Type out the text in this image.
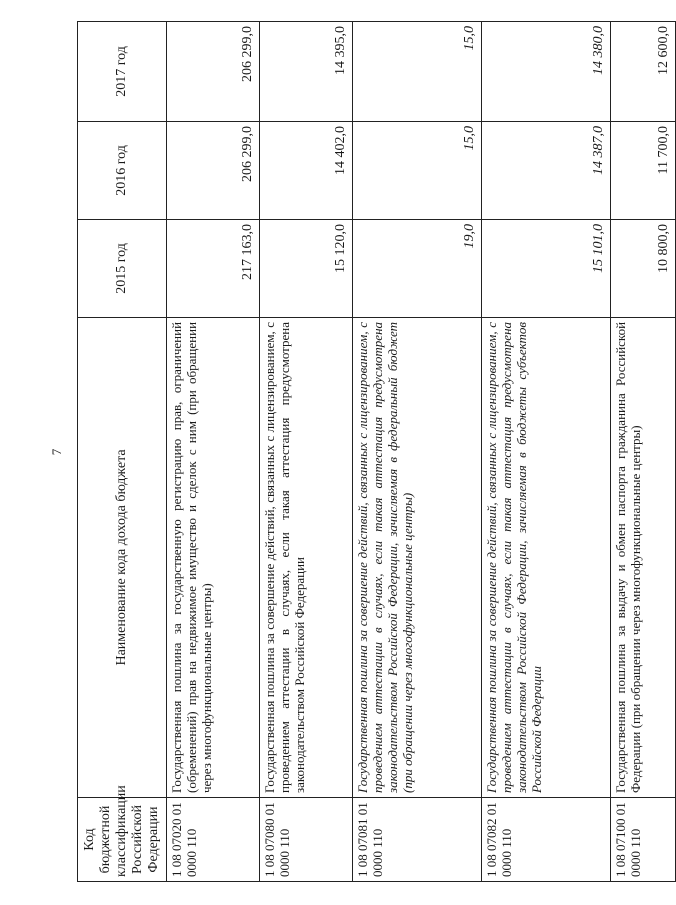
7
Код бюджетной классификации Российской Федерации	Наименование кода дохода бюджета	2015 год	2016 год	2017 год
1 08 07020 01 0000 110	Государственная пошлина за государственную регистрацию прав, ограничений (обременений) прав на недвижимое имущество и сделок с ним (при обращении через многофункциональные центры)	217 163,0	206 299,0	206 299,0
1 08 07080 01 0000 110	Государственная пошлина за совершение действий, связанных с лицензированием, с проведением аттестации в случаях, если такая аттестация предусмотрена законодательством Российской Федерации	15 120,0	14 402,0	14 395,0
1 08 07081 01 0000 110	Государственная пошлина за совершение действий, связанных с лицензированием, с проведением аттестации в случаях, если такая аттестация предусмотрена законодательством Российской Федерации, зачисляемая в федеральный бюджет (при обращении через многофункциональные центры)	19,0	15,0	15,0
1 08 07082 01 0000 110	Государственная пошлина за совершение действий, связанных с лицензированием, с проведением аттестации в случаях, если такая аттестация предусмотрена законодательством Российской Федерации, зачисляемая в бюджеты субъектов Российской Федерации	15 101,0	14 387,0	14 380,0
1 08 07100 01 0000 110	Государственная пошлина за выдачу и обмен паспорта гражданина Российской Федерации (при обращении через многофункциональные центры)	10 800,0	11 700,0	12 600,0
